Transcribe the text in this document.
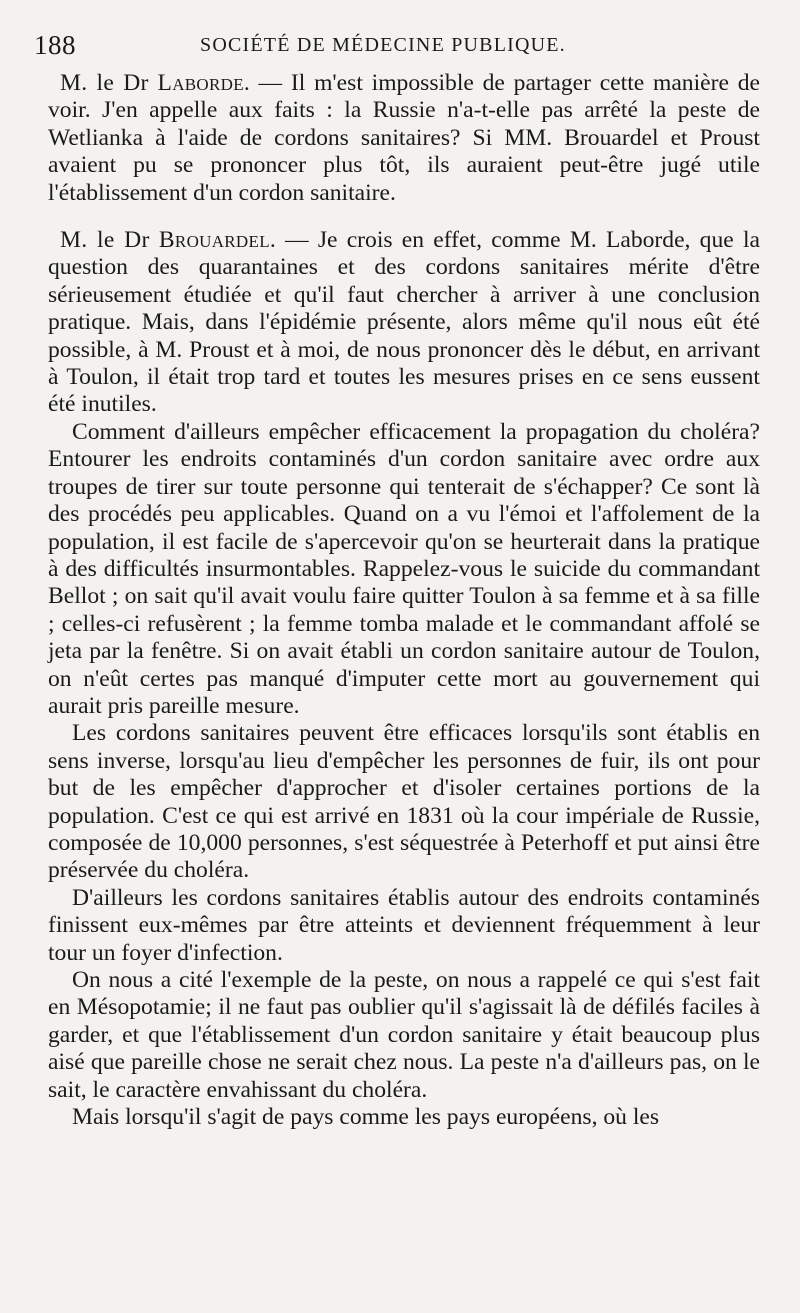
188	SOCIÉTÉ DE MÉDECINE PUBLIQUE.

M. le Dr Laborde. — Il m'est impossible de partager cette manière de voir. J'en appelle aux faits : la Russie n'a-t-elle pas arrêté la peste de Wetlianka à l'aide de cordons sanitaires? Si MM. Brouardel et Proust avaient pu se prononcer plus tôt, ils auraient peut-être jugé utile l'établissement d'un cordon sanitaire.

M. le Dr Brouardel. — Je crois en effet, comme M. Laborde, que la question des quarantaines et des cordons sanitaires mérite d'être sérieusement étudiée et qu'il faut chercher à arriver à une conclusion pratique. Mais, dans l'épidémie présente, alors même qu'il nous eût été possible, à M. Proust et à moi, de nous prononcer dès le début, en arrivant à Toulon, il était trop tard et toutes les mesures prises en ce sens eussent été inutiles.

Comment d'ailleurs empêcher efficacement la propagation du choléra? Entourer les endroits contaminés d'un cordon sanitaire avec ordre aux troupes de tirer sur toute personne qui tenterait de s'échapper? Ce sont là des procédés peu applicables. Quand on a vu l'émoi et l'affolement de la population, il est facile de s'apercevoir qu'on se heurterait dans la pratique à des difficultés insurmontables. Rappelez-vous le suicide du commandant Bellot ; on sait qu'il avait voulu faire quitter Toulon à sa femme et à sa fille ; celles-ci refusèrent ; la femme tomba malade et le commandant affolé se jeta par la fenêtre. Si on avait établi un cordon sanitaire autour de Toulon, on n'eût certes pas manqué d'imputer cette mort au gouvernement qui aurait pris pareille mesure.

Les cordons sanitaires peuvent être efficaces lorsqu'ils sont établis en sens inverse, lorsqu'au lieu d'empêcher les personnes de fuir, ils ont pour but de les empêcher d'approcher et d'isoler certaines portions de la population. C'est ce qui est arrivé en 1831 où la cour impériale de Russie, composée de 10,000 personnes, s'est séquestrée à Peterhoff et put ainsi être préservée du choléra.

D'ailleurs les cordons sanitaires établis autour des endroits contaminés finissent eux-mêmes par être atteints et deviennent fréquemment à leur tour un foyer d'infection.

On nous a cité l'exemple de la peste, on nous a rappelé ce qui s'est fait en Mésopotamie; il ne faut pas oublier qu'il s'agissait là de défilés faciles à garder, et que l'établissement d'un cordon sanitaire y était beaucoup plus aisé que pareille chose ne serait chez nous. La peste n'a d'ailleurs pas, on le sait, le caractère envahissant du choléra.

Mais lorsqu'il s'agit de pays comme les pays européens, où les
